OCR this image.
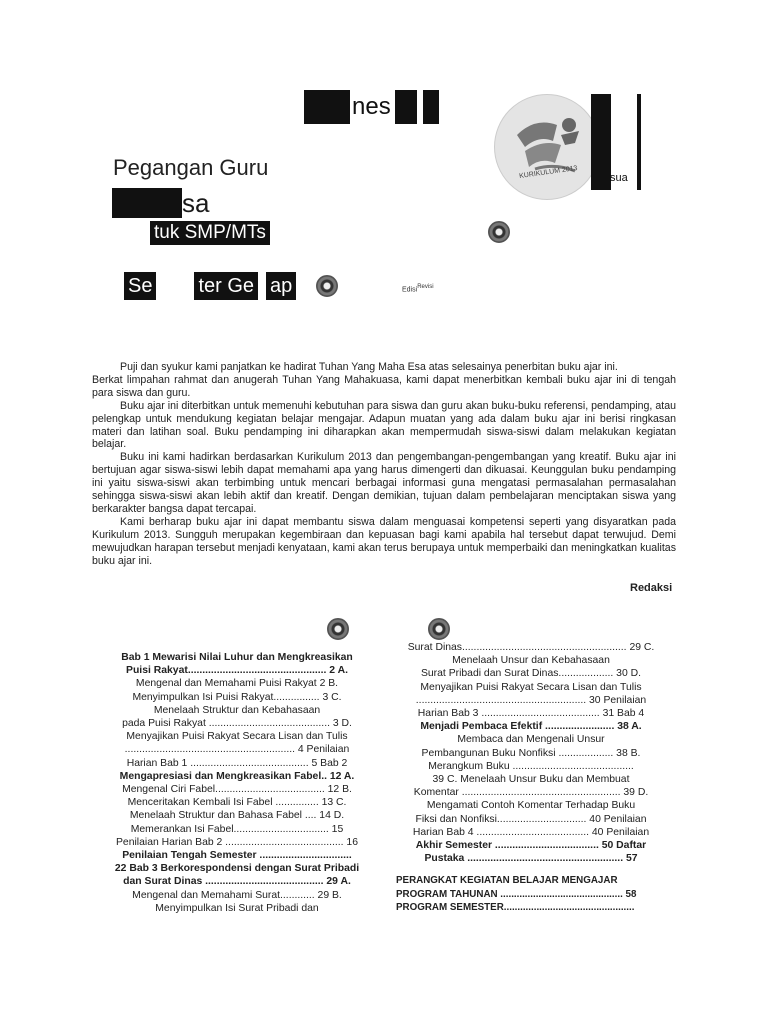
nes
KURIKULUM 2013	sua
Pegangan Guru
sa
tuk SMP/MTs
Se ter Ge ap	Edisi$^{Revisi}$

Puji dan syukur kami panjatkan ke hadirat Tuhan Yang Maha Esa atas selesainya penerbitan buku ajar ini.

Berkat limpahan rahmat dan anugerah Tuhan Yang Mahakuasa, kami dapat menerbitkan kembali buku ajar ini di tengah para siswa dan guru.

Buku ajar ini diterbitkan untuk memenuhi kebutuhan para siswa dan guru akan buku-buku referensi, pendamping, atau pelengkap untuk mendukung kegiatan belajar mengajar. Adapun muatan yang ada dalam buku ajar ini berisi ringkasan materi dan latihan soal. Buku pendamping ini diharapkan akan mempermudah siswa-siswi dalam melakukan kegiatan belajar.

Buku ini kami hadirkan berdasarkan Kurikulum 2013 dan pengembangan-pengembangan yang kreatif. Buku ajar ini bertujuan agar siswa-siswi lebih dapat memahami apa yang harus dimengerti dan dikuasai. Keunggulan buku pendamping ini yaitu siswa-siswi akan terbimbing untuk mencari berbagai informasi guna mengatasi permasalahan permasalahan sehingga siswa-siswi akan lebih aktif dan kreatif. Dengan demikian, tujuan dalam pembelajaran menciptakan siswa yang berkarakter bangsa dapat tercapai.

Kami berharap buku ajar ini dapat membantu siswa dalam menguasai kompetensi seperti yang disyaratkan pada Kurikulum 2013. Sungguh merupakan kegembiraan dan kepuasan bagi kami apabila hal tersebut dapat terwujud. Demi mewujudkan harapan tersebut menjadi kenyataan, kami akan terus berupaya untuk memperbaiki dan meningkatkan kualitas buku ajar ini.

Redaksi
Bab 1 Mewarisi Nilai Luhur dan Mengkreasikan
Puisi Rakyat................................................ 2 A.
Mengenal dan Memahami Puisi Rakyat 2 B.
Menyimpulkan Isi Puisi Rakyat................ 3 C.
Menelaah Struktur dan Kebahasaan
pada Puisi Rakyat .......................................... 3 D.
Menyajikan Puisi Rakyat Secara Lisan dan Tulis
........................................................... 4 Penilaian
Harian Bab 1 ......................................... 5 Bab 2
Mengapresiasi dan Mengkreasikan Fabel.. 12 A.
Mengenal Ciri Fabel...................................... 12 B.
Menceritakan Kembali Isi Fabel ............... 13 C.
Menelaah Struktur dan Bahasa Fabel .... 14 D.
Memerankan Isi Fabel................................. 15
Penilaian Harian Bab 2 ......................................... 16
Penilaian Tengah Semester ................................
22 Bab 3 Berkorespondensi dengan Surat Pribadi
dan Surat Dinas ......................................... 29 A.
Mengenal dan Memahami Surat............ 29 B.
Menyimpulkan Isi Surat Pribadi dan
Surat Dinas......................................................... 29 C.
Menelaah Unsur dan Kebahasaan
Surat Pribadi dan Surat Dinas................... 30 D.
Menyajikan Puisi Rakyat Secara Lisan dan Tulis
........................................................... 30 Penilaian
Harian Bab 3 ......................................... 31 Bab 4
Menjadi Pembaca Efektif ........................ 38 A.
Membaca dan Mengenali Unsur
Pembangunan Buku Nonfiksi ................... 38 B.
Merangkum Buku ..........................................
39 C. Menelaah Unsur Buku dan Membuat
Komentar ....................................................... 39 D.
Mengamati Contoh Komentar Terhadap Buku
Fiksi dan Nonfiksi............................... 40 Penilaian
Harian Bab 4 ....................................... 40 Penilaian
Akhir Semester .................................... 50 Daftar
Pustaka ...................................................... 57
PERANGKAT KEGIATAN BELAJAR MENGAJAR
PROGRAM TAHUNAN ............................................. 58
PROGRAM SEMESTER................................................
